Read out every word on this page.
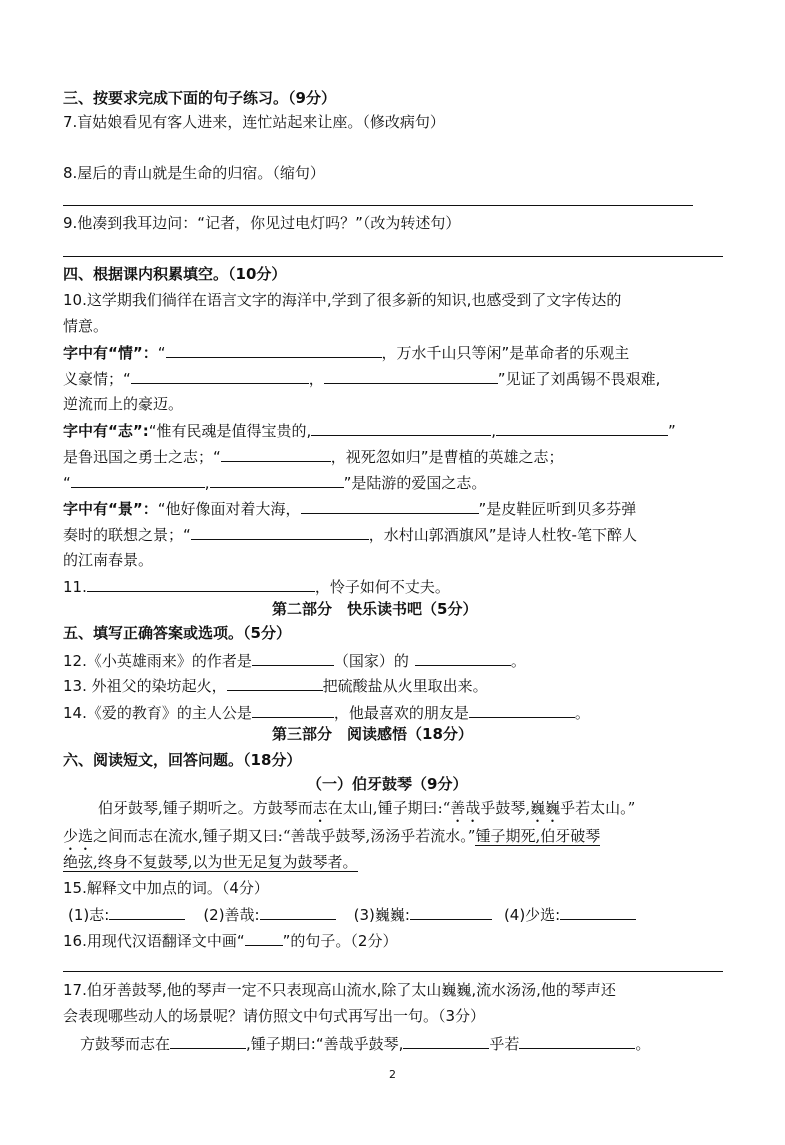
三、按要求完成下面的句子练习。（9分）
7.盲姑娘看见有客人进来，连忙站起来让座。（修改病句）
8.屋后的青山就是生命的归宿。（缩句）
9.他凑到我耳边问：“记者，你见过电灯吗？”（改为转述句）
四、根据课内积累填空。（10分）
10.这学期我们徜徉在语言文字的海洋中,学到了很多新的知识,也感受到了文字传达的
情意。
字中有“情”：“	，万水千山只等闲”是革命者的乐观主
义豪情；“	，	”见证了刘禹锡不畏艰难,
逆流而上的豪迈。
字中有“志”:“惟有民魂是值得宝贵的,	,	”
是鲁迅国之勇士之志；“	，视死忽如归”是曹植的英雄之志；
“	,	”是陆游的爱国之志。
字中有“景”：“他好像面对着大海，	”是皮鞋匠听到贝多芬弹
奏时的联想之景；“	，水村山郭酒旗风”是诗人杜牧-笔下醉人
的江南春景。
11.	，怜子如何不丈夫。
第二部分　快乐读书吧（5分）
五、填写正确答案或选项。（5分）
12.《小英雄雨来》的作者是	（国家）的	。
13. 外祖父的染坊起火，	把硫酸盐从火里取出来。
14.《爱的教育》的主人公是	，他最喜欢的朋友是	。
第三部分　阅读感悟（18分）
六、阅读短文，回答问题。（18分）
（一）伯牙鼓琴（9分）
伯牙鼓琴,锺子期听之。方鼓琴而志在太山,锺子期曰:“善哉乎鼓琴,巍巍乎若太山。”
少选之间而志在流水,锺子期又曰:“善哉乎鼓琴,汤汤乎若流水。”锺子期死,伯牙破琴
绝弦,终身不复鼓琴,以为世无足复为鼓琴者。
15.解释文中加点的词。（4分）
(1)志:	(2)善哉:	(3)巍巍:	(4)少选:
16.用现代汉语翻译文中画“	”的句子。（2分）
17.伯牙善鼓琴,他的琴声一定不只表现高山流水,除了太山巍巍,流水汤汤,他的琴声还
会表现哪些动人的场景呢？请仿照文中句式再写出一句。（3分）
方鼓琴而志在	,锺子期曰:“善哉乎鼓琴,	乎若	。
2
